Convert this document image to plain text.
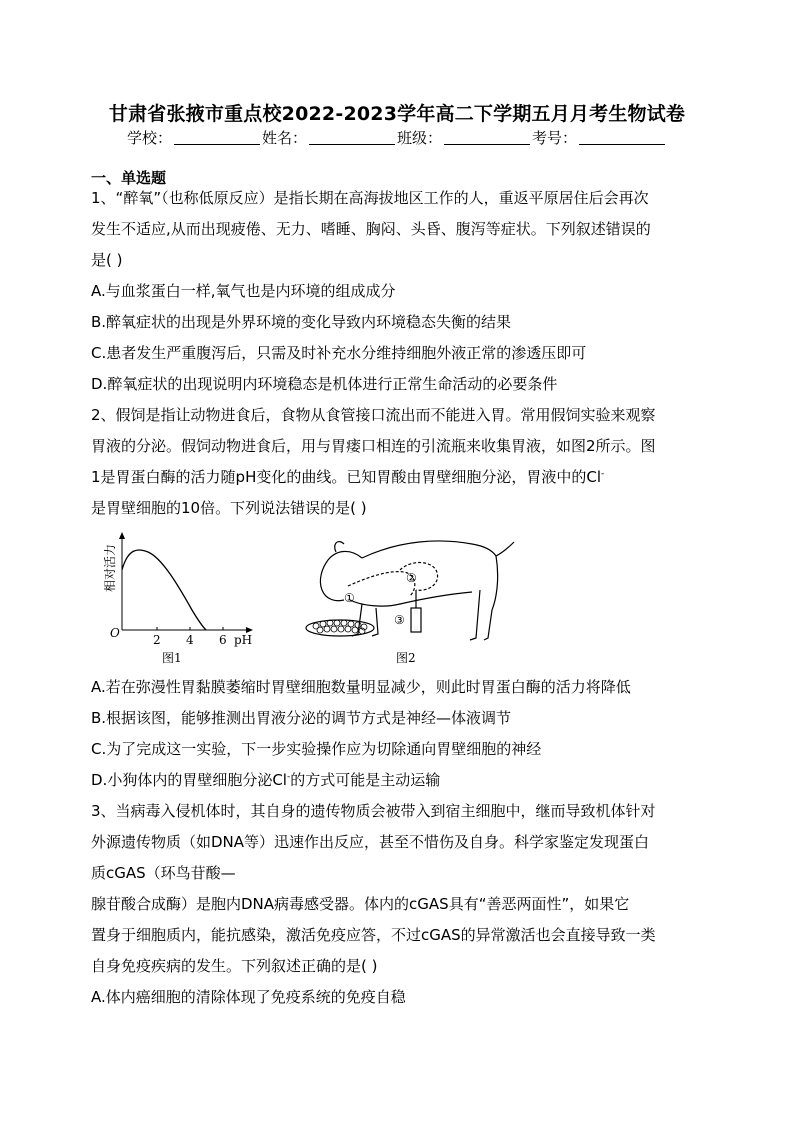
甘肃省张掖市重点校2022-2023学年高二下学期五月月考生物试卷
学校：	姓名：	班级：	考号：
一、单选题
1、“醉氧”（也称低原反应）是指长期在高海拔地区工作的人，重返平原居住后会再次
发生不适应,从而出现疲倦、无力、嗜睡、胸闷、头昏、腹泻等症状。下列叙述错误的
是( )
A.与血浆蛋白一样,氧气也是内环境的组成成分
B.醉氧症状的出现是外界环境的变化导致内环境稳态失衡的结果
C.患者发生严重腹泻后，只需及时补充水分维持细胞外液正常的渗透压即可
D.醉氧症状的出现说明内环境稳态是机体进行正常生命活动的必要条件
2、假饲是指让动物进食后，食物从食管接口流出而不能进入胃。常用假饲实验来观察
胃液的分泌。假饲动物进食后，用与胃瘘口相连的引流瓶来收集胃液，如图2所示。图
1是胃蛋白酶的活力随pH变化的曲线。已知胃酸由胃壁细胞分泌，胃液中的Cl-
是胃壁细胞的10倍。下列说法错误的是( )
O	2 4 6 pH
相对活力
图1
①
②
③
图2
A.若在弥漫性胃黏膜萎缩时胃壁细胞数量明显减少，则此时胃蛋白酶的活力将降低
B.根据该图，能够推测出胃液分泌的调节方式是神经—体液调节
C.为了完成这一实验，下一步实验操作应为切除通向胃壁细胞的神经
D.小狗体内的胃壁细胞分泌Cl-的方式可能是主动运输
3、当病毒入侵机体时，其自身的遗传物质会被带入到宿主细胞中，继而导致机体针对
外源遗传物质（如DNA等）迅速作出反应，甚至不惜伤及自身。科学家鉴定发现蛋白
质cGAS（环鸟苷酸—
腺苷酸合成酶）是胞内DNA病毒感受器。体内的cGAS具有“善恶两面性”，如果它
置身于细胞质内，能抗感染，激活免疫应答，不过cGAS的异常激活也会直接导致一类
自身免疫疾病的发生。下列叙述正确的是( )
A.体内癌细胞的清除体现了免疫系统的免疫自稳
